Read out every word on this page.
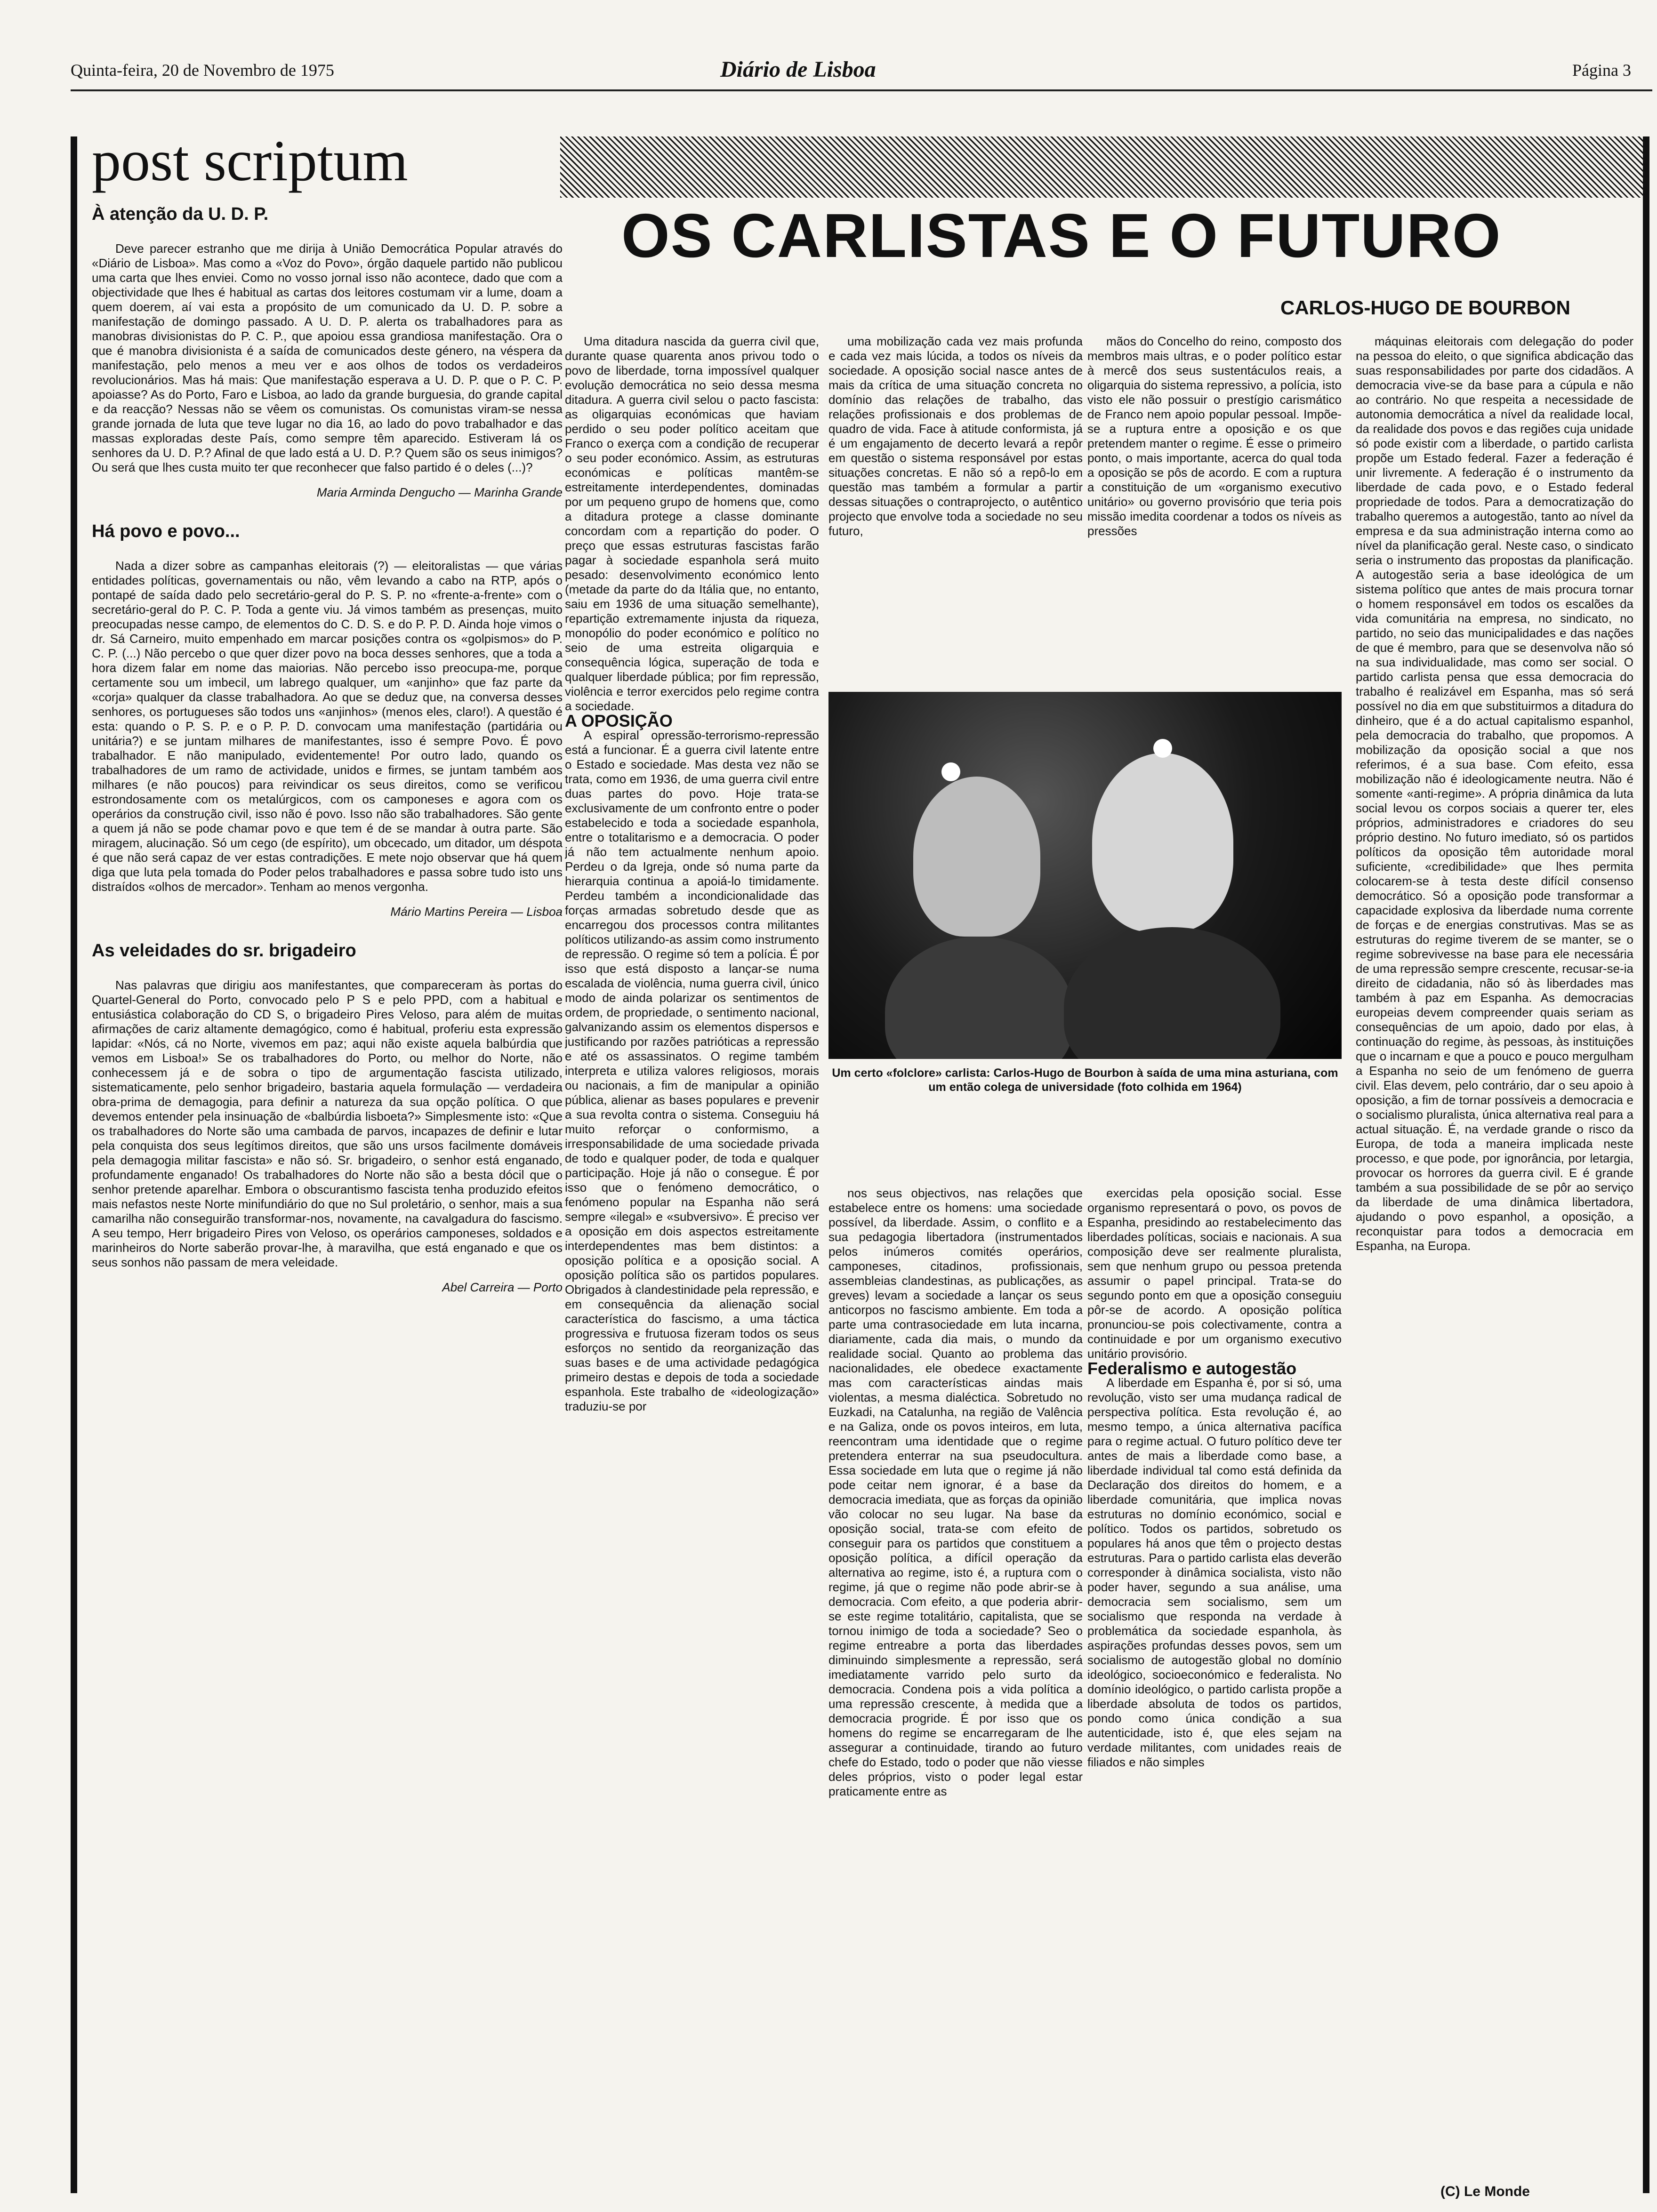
Quinta-feira, 20 de Novembro de 1975	Diário de Lisboa	Página 3
post scriptum
À atenção da U. D. P.

Deve parecer estranho que me dirija à União Democrática Popular através do «Diário de Lisboa». Mas como a «Voz do Povo», órgão daquele partido não publicou uma carta que lhes enviei. Como no vosso jornal isso não acontece, dado que com a objectividade que lhes é habitual as cartas dos leitores costumam vir a lume, doam a quem doerem, aí vai esta a propósito de um comunicado da U. D. P. sobre a manifestação de domingo passado. A U. D. P. alerta os trabalhadores para as manobras divisionistas do P. C. P., que apoiou essa grandiosa manifestação. Ora o que é manobra divisionista é a saída de comunicados deste género, na véspera da manifestação, pelo menos a meu ver e aos olhos de todos os verdadeiros revolucionários. Mas há mais: Que manifestação esperava a U. D. P. que o P. C. P. apoiasse? As do Porto, Faro e Lisboa, ao lado da grande burguesia, do grande capital e da reacção? Nessas não se vêem os comunistas. Os comunistas viram-se nessa grande jornada de luta que teve lugar no dia 16, ao lado do povo trabalhador e das massas exploradas deste País, como sempre têm aparecido. Estiveram lá os senhores da U. D. P.? Afinal de que lado está a U. D. P.? Quem são os seus inimigos? Ou será que lhes custa muito ter que reconhecer que falso partido é o deles (...)?

Maria Arminda Dengucho — Marinha Grande
Há povo e povo...

Nada a dizer sobre as campanhas eleitorais (?) — eleitoralistas — que várias entidades políticas, governamentais ou não, vêm levando a cabo na RTP, após o pontapé de saída dado pelo secretário-geral do P. S. P. no «frente-a-frente» com o secretário-geral do P. C. P. Toda a gente viu. Já vimos também as presenças, muito preocupadas nesse campo, de elementos do C. D. S. e do P. P. D. Ainda hoje vimos o dr. Sá Carneiro, muito empenhado em marcar posições contra os «golpismos» do P. C. P. (...) Não percebo o que quer dizer povo na boca desses senhores, que a toda a hora dizem falar em nome das maiorias. Não percebo isso preocupa-me, porque certamente sou um imbecil, um labrego qualquer, um «anjinho» que faz parte da «corja» qualquer da classe trabalhadora. Ao que se deduz que, na conversa desses senhores, os portugueses são todos uns «anjinhos» (menos eles, claro!). A questão é esta: quando o P. S. P. e o P. P. D. convocam uma manifestação (partidária ou unitária?) e se juntam milhares de manifestantes, isso é sempre Povo. É povo trabalhador. E não manipulado, evidentemente! Por outro lado, quando os trabalhadores de um ramo de actividade, unidos e firmes, se juntam também aos milhares (e não poucos) para reivindicar os seus direitos, como se verificou estrondosamente com os metalúrgicos, com os camponeses e agora com os operários da construção civil, isso não é povo. Isso não são trabalhadores. São gente a quem já não se pode chamar povo e que tem é de se mandar à outra parte. São miragem, alucinação. Só um cego (de espírito), um obcecado, um ditador, um déspota é que não será capaz de ver estas contradições. E mete nojo observar que há quem diga que luta pela tomada do Poder pelos trabalhadores e passa sobre tudo isto uns distraídos «olhos de mercador». Tenham ao menos vergonha.

Mário Martins Pereira — Lisboa
As veleidades do sr. brigadeiro

Nas palavras que dirigiu aos manifestantes, que compareceram às portas do Quartel-General do Porto, convocado pelo P S e pelo PPD, com a habitual e entusiástica colaboração do CD S, o brigadeiro Pires Veloso, para além de muitas afirmações de cariz altamente demagógico, como é habitual, proferiu esta expressão lapidar: «Nós, cá no Norte, vivemos em paz; aqui não existe aquela balbúrdia que vemos em Lisboa!» Se os trabalhadores do Porto, ou melhor do Norte, não conhecessem já e de sobra o tipo de argumentação fascista utilizado, sistematicamente, pelo senhor brigadeiro, bastaria aquela formulação — verdadeira obra-prima de demagogia, para definir a natureza da sua opção política. O que devemos entender pela insinuação de «balbúrdia lisboeta?» Simplesmente isto: «Que os trabalhadores do Norte são uma cambada de parvos, incapazes de definir e lutar pela conquista dos seus legítimos direitos, que são uns ursos facilmente domáveis pela demagogia militar fascista» e não só. Sr. brigadeiro, o senhor está enganado, profundamente enganado! Os trabalhadores do Norte não são a besta dócil que o senhor pretende aparelhar. Embora o obscurantismo fascista tenha produzido efeitos mais nefastos neste Norte minifundiário do que no Sul proletário, o senhor, mais a sua camarilha não conseguirão transformar-nos, novamente, na cavalgadura do fascismo. A seu tempo, Herr brigadeiro Pires von Veloso, os operários camponeses, soldados e marinheiros do Norte saberão provar-lhe, à maravilha, que está enganado e que os seus sonhos não passam de mera veleidade.

Abel Carreira — Porto
OS CARLISTAS E O FUTURO
CARLOS-HUGO DE BOURBON

Uma ditadura nascida da guerra civil que, durante quase quarenta anos privou todo o povo de liberdade, torna impossível qualquer evolução democrática no seio dessa mesma ditadura. A guerra civil selou o pacto fascista: as oligarquias económicas que haviam perdido o seu poder político aceitam que Franco o exerça com a condição de recuperar o seu poder económico. Assim, as estruturas económicas e políticas mantêm-se estreitamente interdependentes, dominadas por um pequeno grupo de homens que, como a ditadura protege a classe dominante concordam com a repartição do poder. O preço que essas estruturas fascistas farão pagar à sociedade espanhola será muito pesado: desenvolvimento económico lento (metade da parte do da Itália que, no entanto, saiu em 1936 de uma situação semelhante), repartição extremamente injusta da riqueza, monopólio do poder económico e político no seio de uma estreita oligarquia e consequência lógica, superação de toda e qualquer liberdade pública; por fim repressão, violência e terror exercidos pelo regime contra a sociedade.

A OPOSIÇÃO

A espiral opressão-terrorismo-repressão está a funcionar. É a guerra civil latente entre o Estado e sociedade. Mas desta vez não se trata, como em 1936, de uma guerra civil entre duas partes do povo. Hoje trata-se exclusivamente de um confronto entre o poder estabelecido e toda a sociedade espanhola, entre o totalitarismo e a democracia. O poder já não tem actualmente nenhum apoio. Perdeu o da Igreja, onde só numa parte da hierarquia continua a apoiá-lo timidamente. Perdeu também a incondicionalidade das forças armadas sobretudo desde que as encarregou dos processos contra militantes políticos utilizando-as assim como instrumento de repressão. O regime só tem a polícia. É por isso que está disposto a lançar-se numa escalada de violência, numa guerra civil, único modo de ainda polarizar os sentimentos de ordem, de propriedade, o sentimento nacional, galvanizando assim os elementos dispersos e justificando por razões patrióticas a repressão e até os assassinatos. O regime também interpreta e utiliza valores religiosos, morais ou nacionais, a fim de manipular a opinião pública, alienar as bases populares e prevenir a sua revolta contra o sistema. Conseguiu há muito reforçar o conformismo, a irresponsabilidade de uma sociedade privada de todo e qualquer poder, de toda e qualquer participação. Hoje já não o consegue. É por isso que o fenómeno democrático, o fenómeno popular na Espanha não será sempre «ilegal» e «subversivo». É preciso ver a oposição em dois aspectos estreitamente interdependentes mas bem distintos: a oposição política e a oposição social. A oposição política são os partidos populares. Obrigados à clandestinidade pela repressão, e em consequência da alienação social característica do fascismo, a uma táctica progressiva e frutuosa fizeram todos os seus esforços no sentido da reorganização das suas bases e de uma actividade pedagógica primeiro destas e depois de toda a sociedade espanhola. Este trabalho de «ideologização» traduziu-se por

uma mobilização cada vez mais profunda e cada vez mais lúcida, a todos os níveis da sociedade. A oposição social nasce antes de mais da crítica de uma situação concreta no domínio das relações de trabalho, das relações profissionais e dos problemas de quadro de vida. Face à atitude conformista, já é um engajamento de decerto levará a repôr em questão o sistema responsável por estas situações concretas. E não só a repô-lo em questão mas também a formular a partir dessas situações o contraprojecto, o autêntico projecto que envolve toda a sociedade no seu futuro,

mãos do Concelho do reino, composto dos membros mais ultras, e o poder político estar à mercê dos seus sustentáculos reais, a oligarquia do sistema repressivo, a polícia, isto visto ele não possuir o prestígio carismático de Franco nem apoio popular pessoal. Impõe-se a ruptura entre a oposição e os que pretendem manter o regime. É esse o primeiro ponto, o mais importante, acerca do qual toda a oposição se pôs de acordo. E com a ruptura a constituição de um «organismo executivo unitário» ou governo provisório que teria pois missão imedita coordenar a todos os níveis as pressões

Um certo «folclore» carlista: Carlos-Hugo de Bourbon à saída de uma mina asturiana, com um então colega de universidade (foto colhida em 1964)

nos seus objectivos, nas relações que estabelece entre os homens: uma sociedade possível, da liberdade. Assim, o conflito e a sua pedagogia libertadora (instrumentados pelos inúmeros comités operários, camponeses, citadinos, profissionais, assembleias clandestinas, as publicações, as greves) levam a sociedade a lançar os seus anticorpos no fascismo ambiente. Em toda a parte uma contrasociedade em luta incarna, diariamente, cada dia mais, o mundo da realidade social. Quanto ao problema das nacionalidades, ele obedece exactamente mas com características aindas mais violentas, a mesma dialéctica. Sobretudo no Euzkadi, na Catalunha, na região de Valência e na Galiza, onde os povos inteiros, em luta, reencontram uma identidade que o regime pretendera enterrar na sua pseudocultura. Essa sociedade em luta que o regime já não pode ceitar nem ignorar, é a base da democracia imediata, que as forças da opinião vão colocar no seu lugar. Na base da oposição social, trata-se com efeito de conseguir para os partidos que constituem a oposição política, a difícil operação da alternativa ao regime, isto é, a ruptura com o regime, já que o regime não pode abrir-se à democracia. Com efeito, a que poderia abrir-se este regime totalitário, capitalista, que se tornou inimigo de toda a sociedade? Seo o regime entreabre a porta das liberdades diminuindo simplesmente a repressão, será imediatamente varrido pelo surto da democracia. Condena pois a vida política a uma repressão crescente, à medida que a democracia progride. É por isso que os homens do regime se encarregaram de lhe assegurar a continuidade, tirando ao futuro chefe do Estado, todo o poder que não viesse deles próprios, visto o poder legal estar praticamente entre as

exercidas pela oposição social. Esse organismo representará o povo, os povos de Espanha, presidindo ao restabelecimento das liberdades políticas, sociais e nacionais. A sua composição deve ser realmente pluralista, sem que nenhum grupo ou pessoa pretenda assumir o papel principal. Trata-se do segundo ponto em que a oposição conseguiu pôr-se de acordo. A oposição política pronunciou-se pois colectivamente, contra a continuidade e por um organismo executivo unitário provisório.

Federalismo e autogestão

A liberdade em Espanha é, por si só, uma revolução, visto ser uma mudança radical de perspectiva política. Esta revolução é, ao mesmo tempo, a única alternativa pacífica para o regime actual. O futuro político deve ter antes de mais a liberdade como base, a liberdade individual tal como está definida da Declaração dos direitos do homem, e a liberdade comunitária, que implica novas estruturas no domínio económico, social e político. Todos os partidos, sobretudo os populares há anos que têm o projecto destas estruturas. Para o partido carlista elas deverão corresponder à dinâmica socialista, visto não poder haver, segundo a sua análise, uma democracia sem socialismo, sem um socialismo que responda na verdade à problemática da sociedade espanhola, às aspirações profundas desses povos, sem um socialismo de autogestão global no domínio ideológico, socioeconómico e federalista. No domínio ideológico, o partido carlista propõe a liberdade absoluta de todos os partidos, pondo como única condição a sua autenticidade, isto é, que eles sejam na verdade militantes, com unidades reais de filiados e não simples

máquinas eleitorais com delegação do poder na pessoa do eleito, o que significa abdicação das suas responsabilidades por parte dos cidadãos. A democracia vive-se da base para a cúpula e não ao contrário. No que respeita a necessidade de autonomia democrática a nível da realidade local, da realidade dos povos e das regiões cuja unidade só pode existir com a liberdade, o partido carlista propõe um Estado federal. Fazer a federação é unir livremente. A federação é o instrumento da liberdade de cada povo, e o Estado federal propriedade de todos. Para a democratização do trabalho queremos a autogestão, tanto ao nível da empresa e da sua administração interna como ao nível da planificação geral. Neste caso, o sindicato seria o instrumento das propostas da planificação. A autogestão seria a base ideológica de um sistema político que antes de mais procura tornar o homem responsável em todos os escalões da vida comunitária na empresa, no sindicato, no partido, no seio das municipalidades e das nações de que é membro, para que se desenvolva não só na sua individualidade, mas como ser social. O partido carlista pensa que essa democracia do trabalho é realizável em Espanha, mas só será possível no dia em que substituirmos a ditadura do dinheiro, que é a do actual capitalismo espanhol, pela democracia do trabalho, que propomos. A mobilização da oposição social a que nos referimos, é a sua base. Com efeito, essa mobilização não é ideologicamente neutra. Não é somente «anti-regime». A própria dinâmica da luta social levou os corpos sociais a querer ter, eles próprios, administradores e criadores do seu próprio destino. No futuro imediato, só os partidos políticos da oposição têm autoridade moral suficiente, «credibilidade» que lhes permita colocarem-se à testa deste difícil consenso democrático. Só a oposição pode transformar a capacidade explosiva da liberdade numa corrente de forças e de energias construtivas. Mas se as estruturas do regime tiverem de se manter, se o regime sobrevivesse na base para ele necessária de uma repressão sempre crescente, recusar-se-ia direito de cidadania, não só às liberdades mas também à paz em Espanha. As democracias europeias devem compreender quais seriam as consequências de um apoio, dado por elas, à continuação do regime, às pessoas, às instituições que o incarnam e que a pouco e pouco mergulham a Espanha no seio de um fenómeno de guerra civil. Elas devem, pelo contrário, dar o seu apoio à oposição, a fim de tornar possíveis a democracia e o socialismo pluralista, única alternativa real para a actual situação. É, na verdade grande o risco da Europa, de toda a maneira implicada neste processo, e que pode, por ignorância, por letargia, provocar os horrores da guerra civil. E é grande também a sua possibilidade de se pôr ao serviço da liberdade de uma dinâmica libertadora, ajudando o povo espanhol, a oposição, a reconquistar para todos a democracia em Espanha, na Europa.

(C) Le Monde
